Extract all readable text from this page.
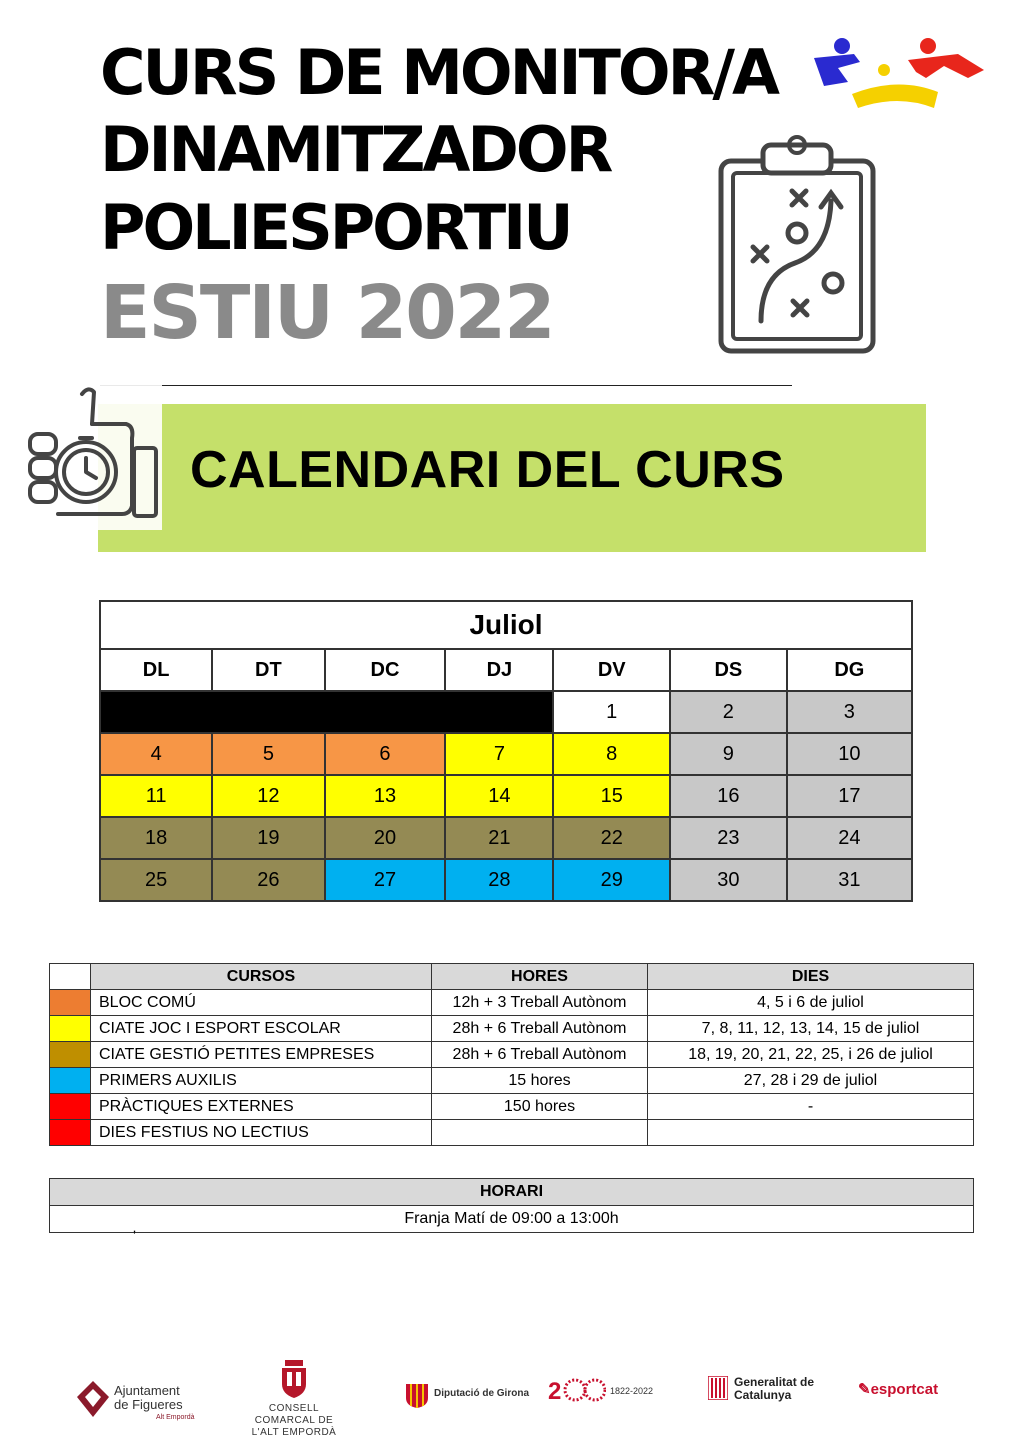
CURS DE MONITOR/A
DINAMITZADOR
POLIESPORTIU
ESTIU 2022
CALENDARI DEL CURS
Juliol						
DL	DT	DC	DJ	DV	DS	DG
				1	2	3
4	5	6	7	8	9	10
11	12	13	14	15	16	17
18	19	20	21	22	23	24
25	26	27	28	29	30	31
	CURSOS	HORES	DIES
	BLOC COMÚ	12h + 3 Treball Autònom	4, 5 i 6 de juliol
	CIATE JOC I ESPORT ESCOLAR	28h + 6 Treball Autònom	7, 8, 11, 12, 13, 14, 15 de juliol
	CIATE GESTIÓ PETITES EMPRESES	28h + 6 Treball Autònom	18, 19, 20, 21, 22, 25, i 26 de juliol
	PRIMERS AUXILIS	15 hores	27, 28 i 29 de juliol
	PRÀCTIQUES EXTERNES	150 hores	-
	DIES FESTIUS NO LECTIUS		
HORARI
Franja Matí de 09:00 a 13:00h
ʼ
Ajuntament de Figueres
Alt Empordà
CONSELL COMARCAL DE L'ALT EMPORDÀ
Diputació de Girona 2	1822-2022
Generalitat de Catalunya	✎esportcat
